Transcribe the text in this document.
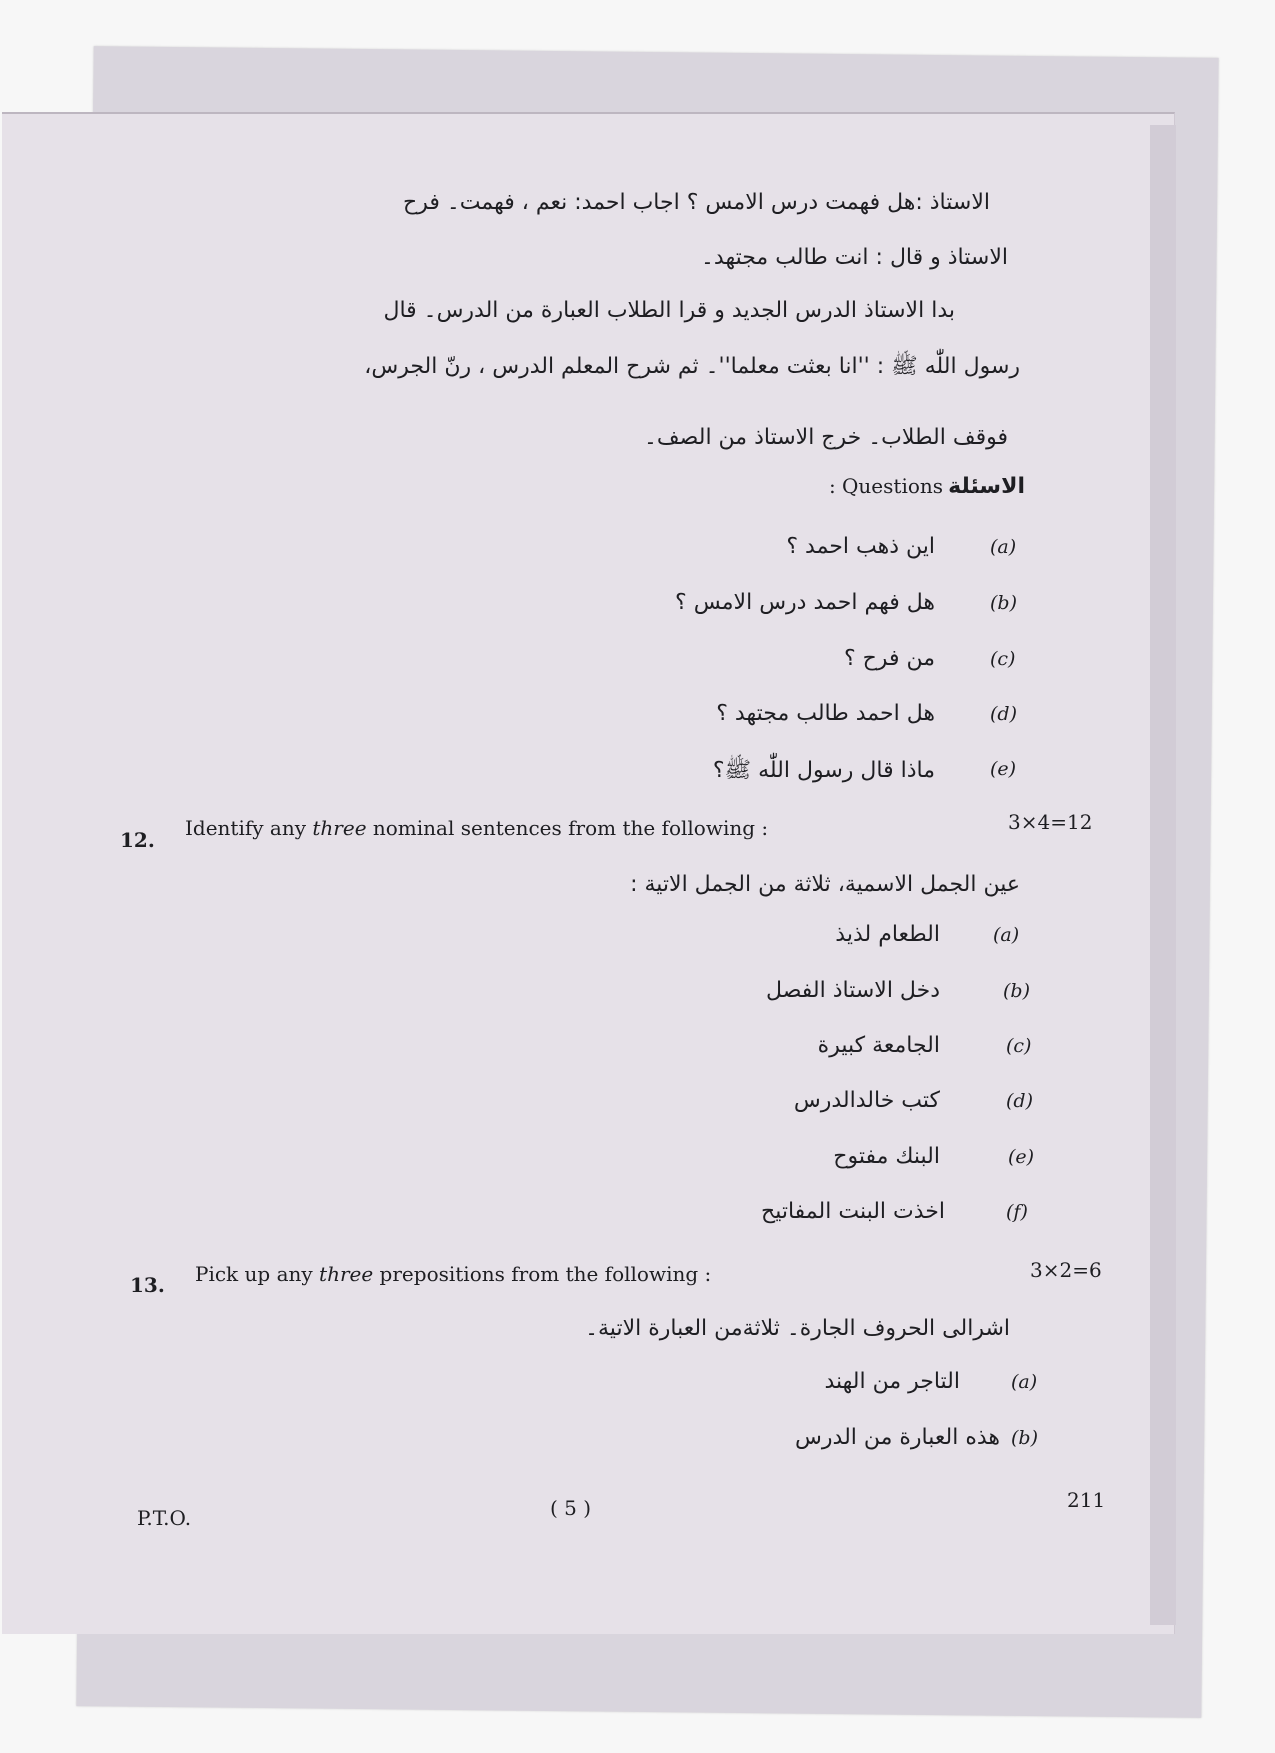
الاستاذ :هل فهمت درس الامس ؟ اجاب احمد: نعم ، فهمت۔ فرح
الاستاذ و قال : انت طالب مجتهد۔
بدا الاستاذ الدرس الجديد و قرا الطلاب العبارة من الدرس۔ قال
رسول اللّٰه ﷺ : ''انا بعثت معلما''۔ ثم شرح المعلم الدرس ، رنّ الجرس،
فوقف الطلاب۔ خرج الاستاذ من الصف۔
: Questions الاسئلة
اين ذهب احمد ؟	(a)
هل فهم احمد درس الامس ؟	(b)
من فرح ؟	(c)
هل احمد طالب مجتهد ؟	(d)
ماذا قال رسول اللّٰه ﷺ؟	(e)
12. Identify any three nominal sentences from the following :	3×4=12
عين الجمل الاسمية، ثلاثة من الجمل الاتية :
الطعام لذيذ	(a)
دخل الاستاذ الفصل	(b)
الجامعة كبيرة	(c)
كتب خالدالدرس	(d)
البنك مفتوح	(e)
اخذت البنت المفاتيح	(f)
13. Pick up any three prepositions from the following :	3×2=6
اشرالى الحروف الجارة۔ ثلاثةمن العبارة الاتية۔
التاجر من الهند	(a)
هذه العبارة من الدرس (b)
P.T.O.	( 5 )	211
